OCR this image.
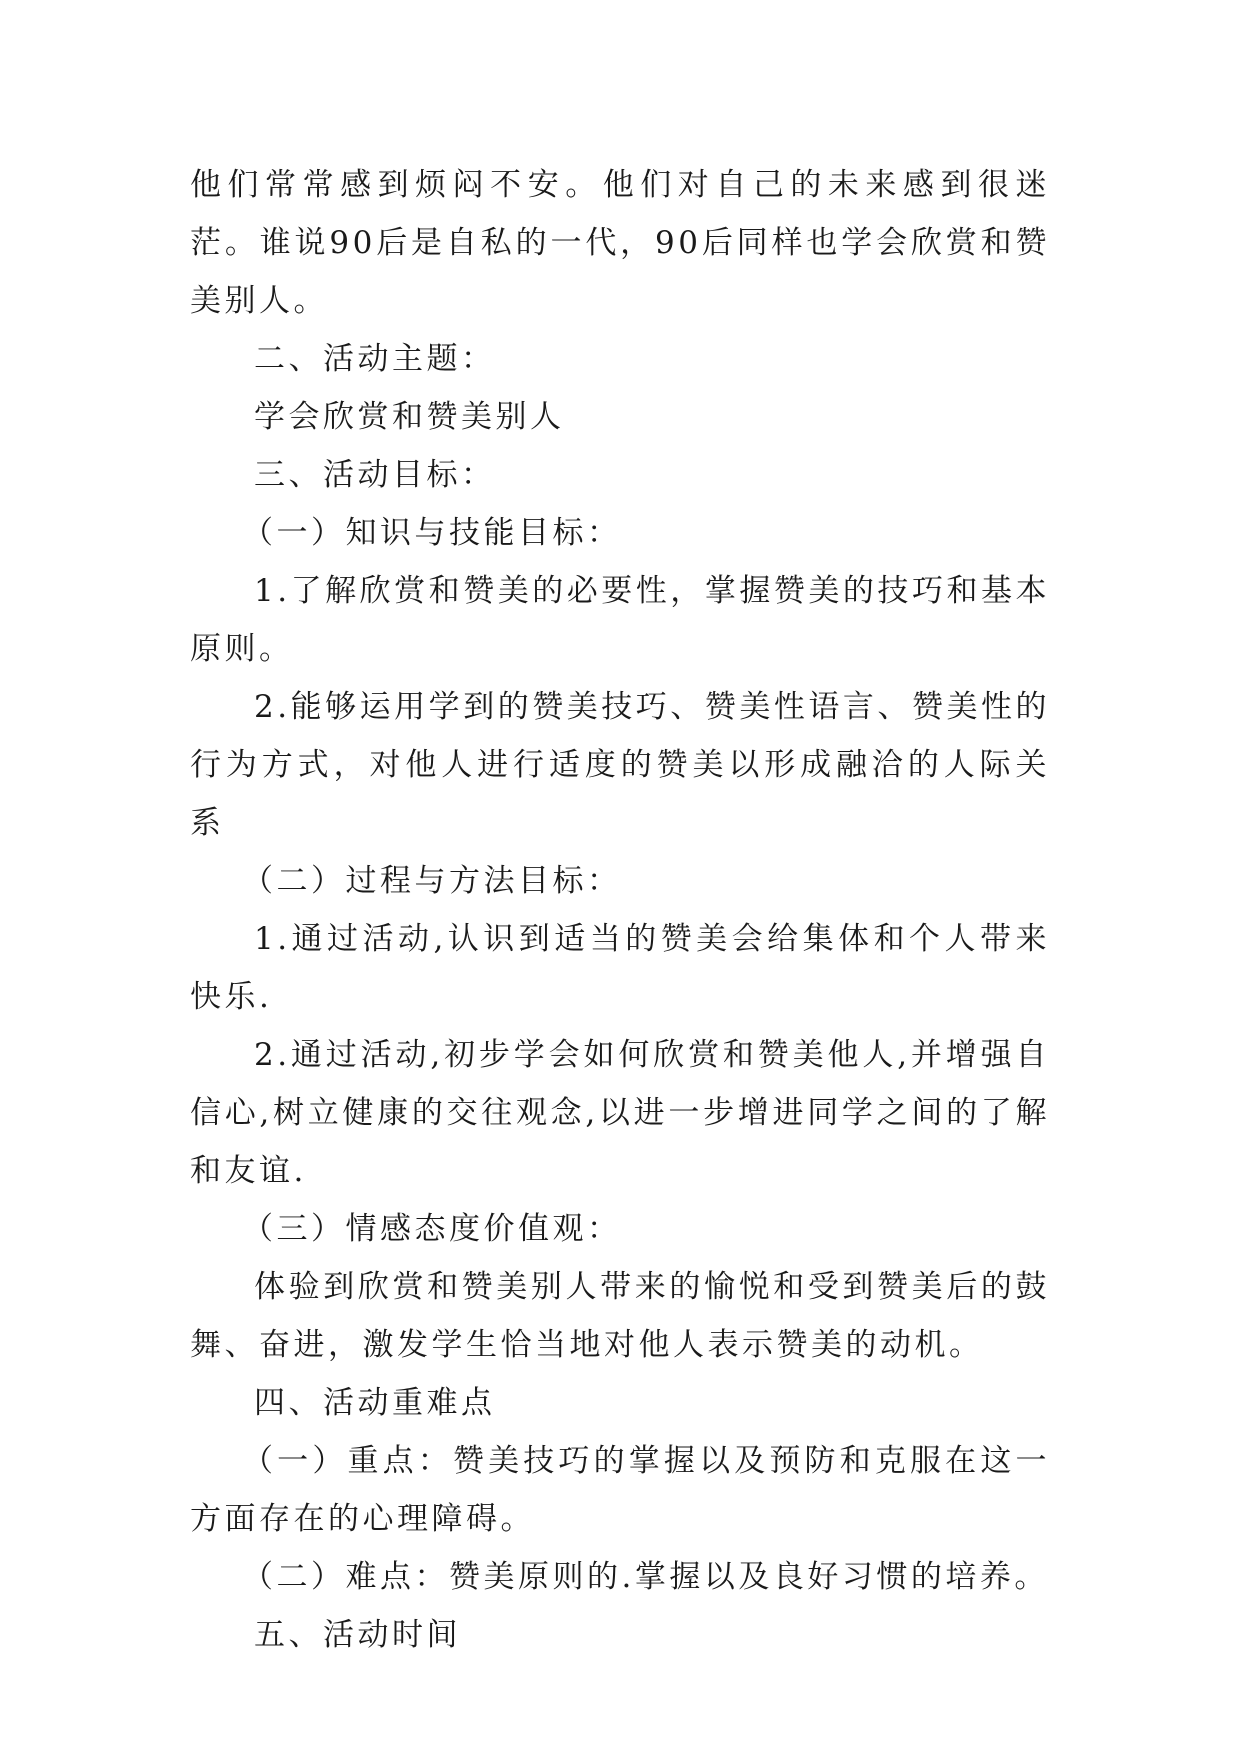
他们常常感到烦闷不安。他们对自己的未来感到很迷茫。谁说90后是自私的一代，90后同样也学会欣赏和赞美别人。

二、活动主题：

学会欣赏和赞美别人

三、活动目标：

（一）知识与技能目标：

1.了解欣赏和赞美的必要性，掌握赞美的技巧和基本原则。

2.能够运用学到的赞美技巧、赞美性语言、赞美性的行为方式，对他人进行适度的赞美以形成融洽的人际关系

（二）过程与方法目标：

1.通过活动,认识到适当的赞美会给集体和个人带来快乐.

2.通过活动,初步学会如何欣赏和赞美他人,并增强自信心,树立健康的交往观念,以进一步增进同学之间的了解和友谊.

（三）情感态度价值观：

体验到欣赏和赞美别人带来的愉悦和受到赞美后的鼓舞、奋进，激发学生恰当地对他人表示赞美的动机。

四、活动重难点

（一）重点：赞美技巧的掌握以及预防和克服在这一方面存在的心理障碍。

（二）难点：赞美原则的.掌握以及良好习惯的培养。

五、活动时间
